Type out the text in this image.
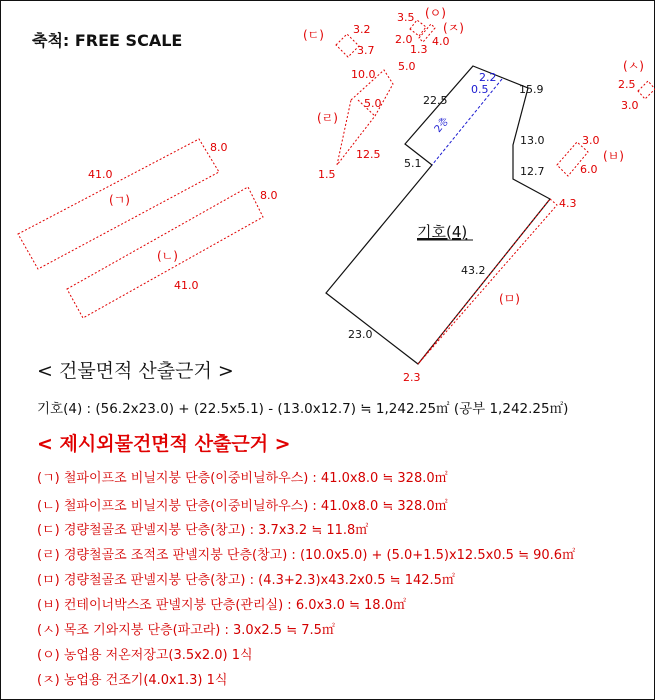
축척: FREE SCALE
2.2
0.5
2층
기호(4)
15.9
22.5
13.0
12.7
5.1
43.2
23.0
4.3
2.3
(ㅁ)
41.0
8.0
(ㄱ)
41.0
8.0
(ㄴ)
3.2
3.7
(ㄷ)
3.5 (ㅇ)
(ㅈ)
2.0 4.0
1.3
10.0
5.0
5.0
(ㄹ)
12.5
1.5
3.0
6.0
(ㅂ)
(ㅅ)
2.5
3.0
< 건물면적 산출근거 >
기호(4) : (56.2x23.0) + (22.5x5.1) - (13.0x12.7) ≒ 1,242.25㎡ (공부 1,242.25㎡)
< 제시외물건면적 산출근거 >
(ㄱ) 철파이프조 비닐지붕 단층(이중비닐하우스) : 41.0x8.0 ≒ 328.0㎡
(ㄴ) 철파이프조 비닐지붕 단층(이중비닐하우스) : 41.0x8.0 ≒ 328.0㎡
(ㄷ) 경량철골조 판넬지붕 단층(창고) : 3.7x3.2 ≒ 11.8㎡
(ㄹ) 경량철골조 조적조 판넬지붕 단층(창고) : (10.0x5.0) + (5.0+1.5)x12.5x0.5 ≒ 90.6㎡
(ㅁ) 경량철골조 판넬지붕 단층(창고) : (4.3+2.3)x43.2x0.5 ≒ 142.5㎡
(ㅂ) 컨테이너박스조 판넬지붕 단층(관리실) : 6.0x3.0 ≒ 18.0㎡
(ㅅ) 목조 기와지붕 단층(파고라) : 3.0x2.5 ≒ 7.5㎡
(ㅇ) 농업용 저온저장고(3.5x2.0) 1식
(ㅈ) 농업용 건조기(4.0x1.3) 1식
